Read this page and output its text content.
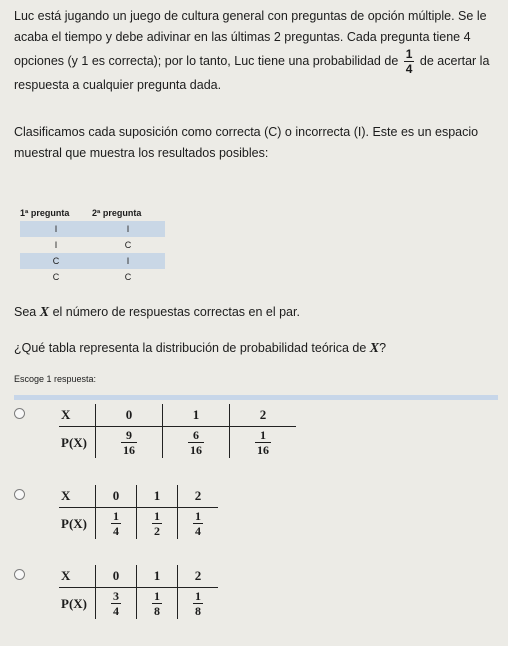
Luc está jugando un juego de cultura general con preguntas de opción múltiple. Se le acaba el tiempo y debe adivinar en las últimas 2 preguntas. Cada pregunta tiene 4 opciones (y 1 es correcta); por lo tanto, Luc tiene una probabilidad de $\frac{1}{4}$ de acertar la respuesta a cualquier pregunta dada.

Clasificamos cada suposición como correcta (C) o incorrecta (I). Este es un espacio muestral que muestra los resultados posibles:

1ª pregunta	2ª pregunta
I	I
I	C
C	I
C	C

Sea X el número de respuestas correctas en el par.

¿Qué tabla representa la distribución de probabilidad teórica de X?

Escoge 1 respuesta:
X	0	1	2
P(X)	$\frac{9}{16}$	$\frac{6}{16}$	$\frac{1}{16}$
X	0	1	2
P(X)	$\frac{1}{4}$	$\frac{1}{2}$	$\frac{1}{4}$
X	0	1	2
P(X)	$\frac{3}{4}$	$\frac{1}{8}$	$\frac{1}{8}$
